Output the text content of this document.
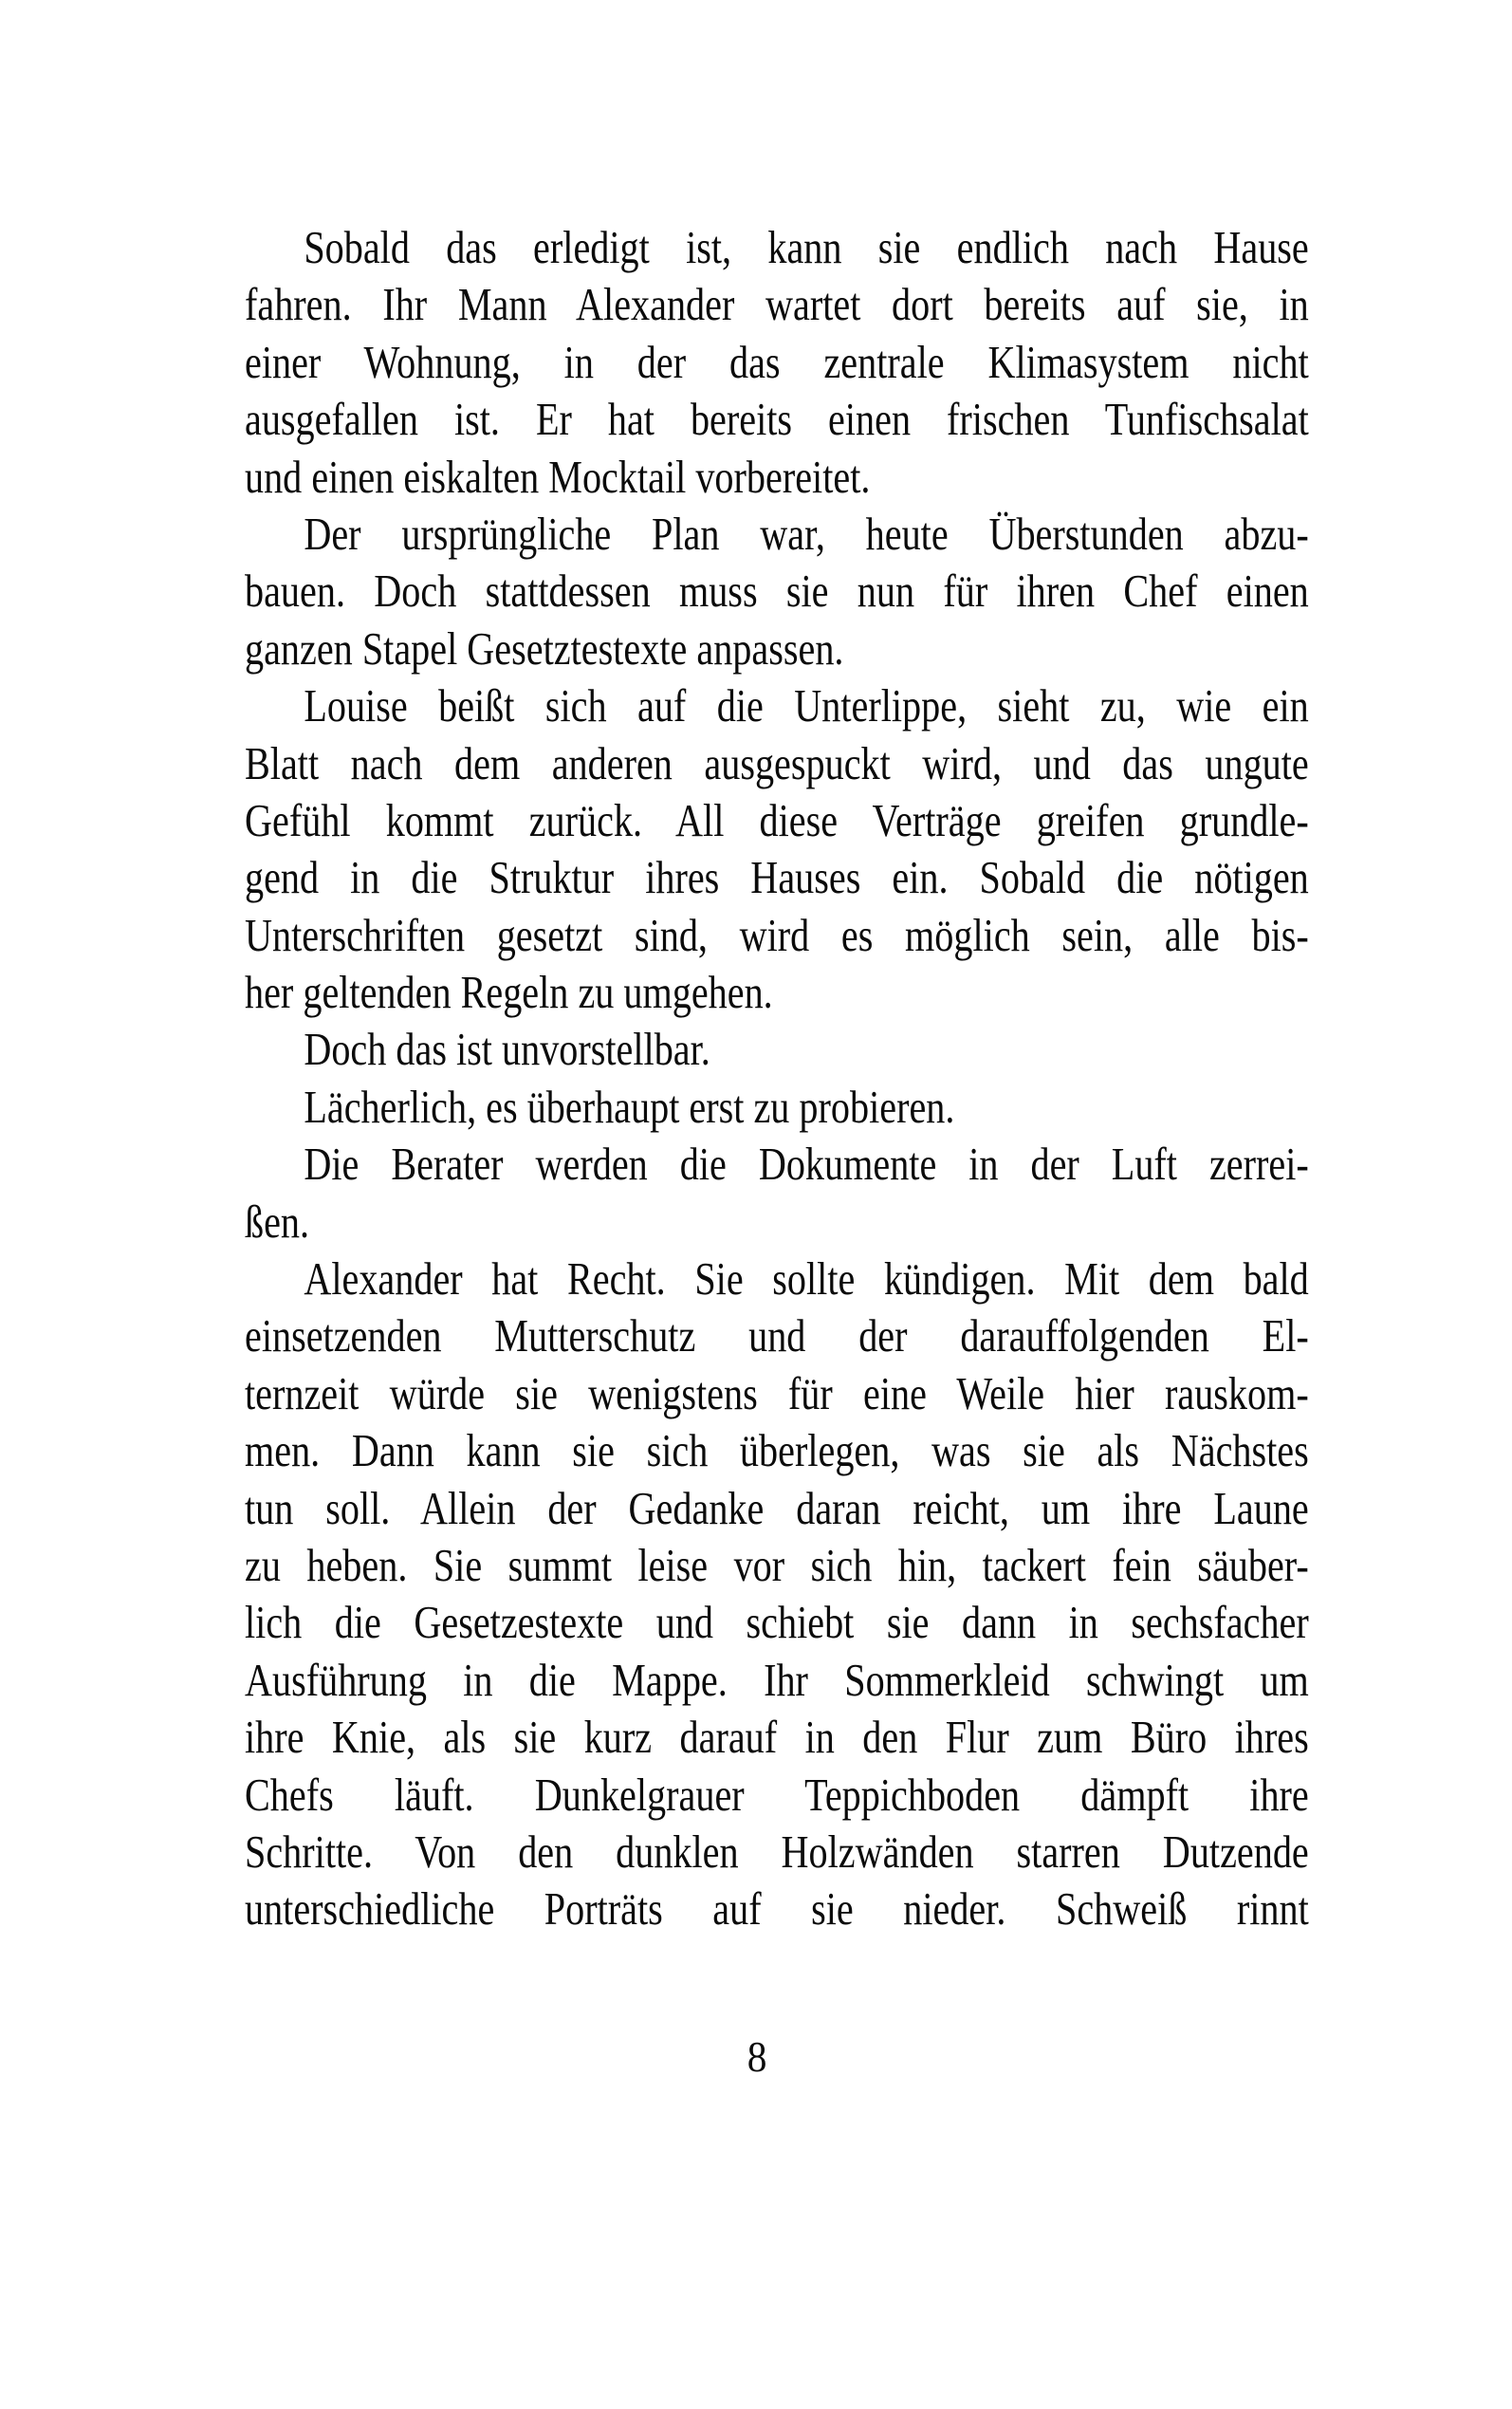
Sobald das erledigt ist, kann sie endlich nach Hause
fahren. Ihr Mann Alexander wartet dort bereits auf sie, in
einer Wohnung, in der das zentrale Klimasystem nicht
ausgefallen ist. Er hat bereits einen frischen Tunfischsalat
und einen eiskalten Mocktail vorbereitet.
Der ursprüngliche Plan war, heute Überstunden abzu-
bauen. Doch stattdessen muss sie nun für ihren Chef einen
ganzen Stapel Gesetztestexte anpassen.
Louise beißt sich auf die Unterlippe, sieht zu, wie ein
Blatt nach dem anderen ausgespuckt wird, und das ungute
Gefühl kommt zurück. All diese Verträge greifen grundle-
gend in die Struktur ihres Hauses ein. Sobald die nötigen
Unterschriften gesetzt sind, wird es möglich sein, alle bis-
her geltenden Regeln zu umgehen.
Doch das ist unvorstellbar.
Lächerlich, es überhaupt erst zu probieren.
Die Berater werden die Dokumente in der Luft zerrei-
ßen.
Alexander hat Recht. Sie sollte kündigen. Mit dem bald
einsetzenden Mutterschutz und der darauffolgenden El-
ternzeit würde sie wenigstens für eine Weile hier rauskom-
men. Dann kann sie sich überlegen, was sie als Nächstes
tun soll. Allein der Gedanke daran reicht, um ihre Laune
zu heben. Sie summt leise vor sich hin, tackert fein säuber-
lich die Gesetzestexte und schiebt sie dann in sechsfacher
Ausführung in die Mappe. Ihr Sommerkleid schwingt um
ihre Knie, als sie kurz darauf in den Flur zum Büro ihres
Chefs läuft. Dunkelgrauer Teppichboden dämpft ihre
Schritte. Von den dunklen Holzwänden starren Dutzende
unterschiedliche Porträts auf sie nieder. Schweiß rinnt
8
